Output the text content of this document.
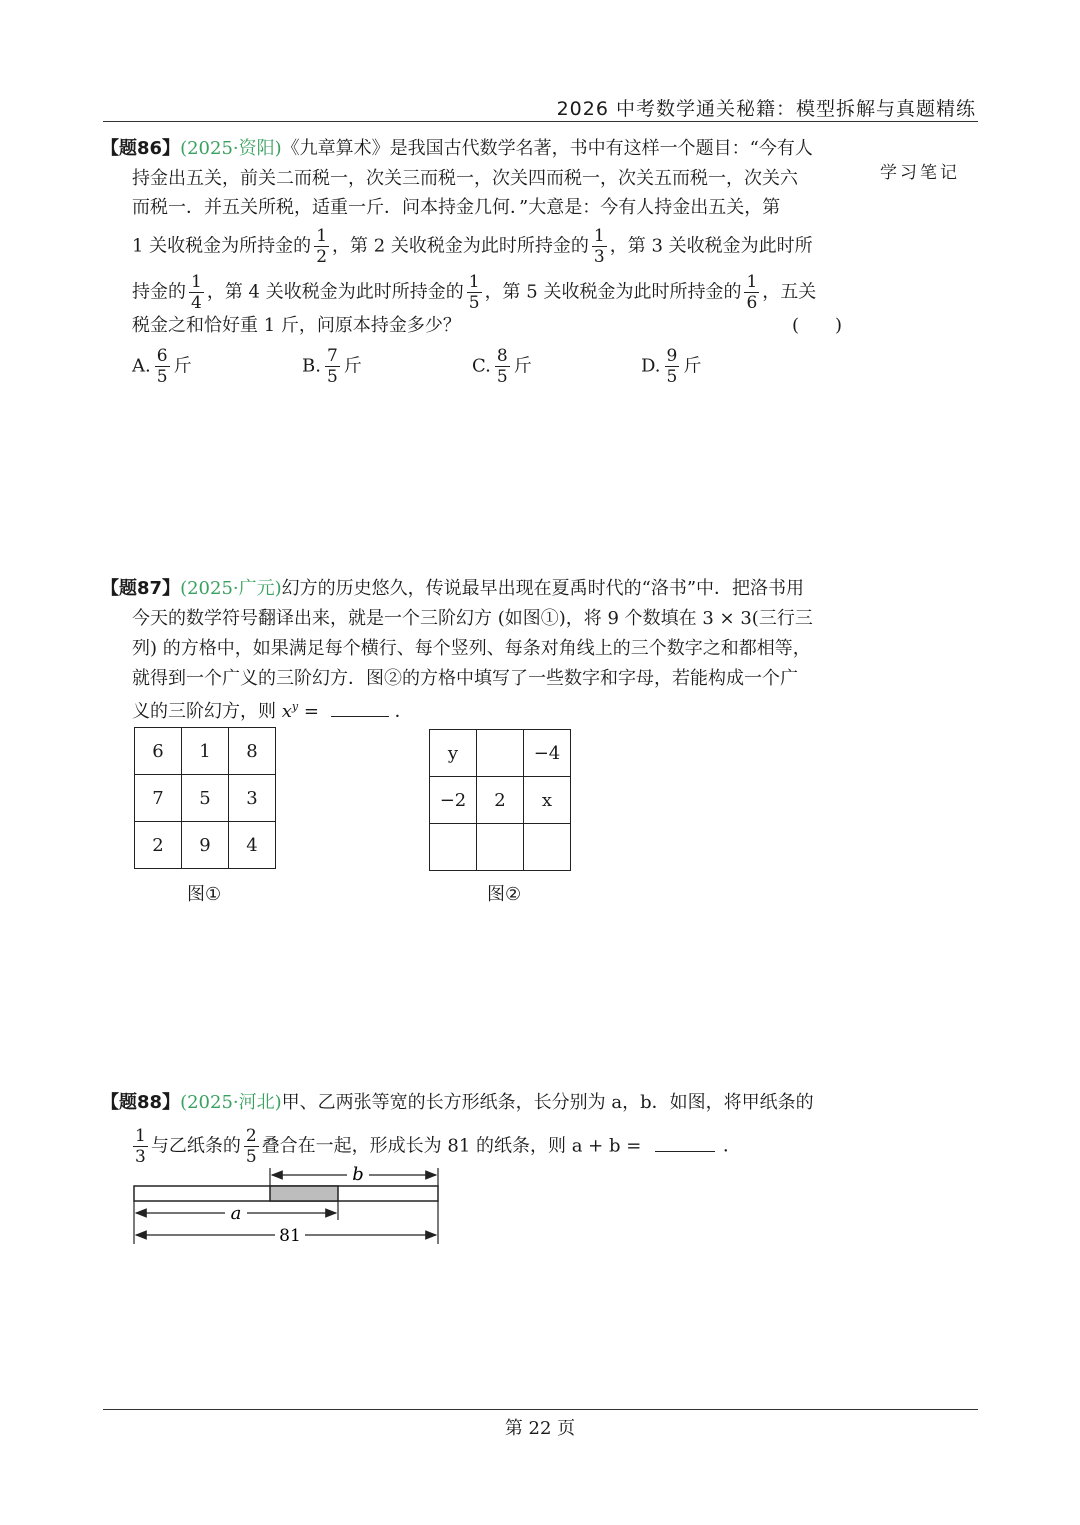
2026 中考数学通关秘籍：模型拆解与真题精练
学习笔记
【题86】(2025·资阳)《九章算术》是我国古代数学名著，书中有这样一个题目：“今有人
持金出五关，前关二而税一，次关三而税一，次关四而税一，次关五而税一，次关六
而税一．并五关所税，适重一斤．问本持金几何．”大意是：今有人持金出五关，第
1 关收税金为所持金的 $\frac{1}{2}$ ，第 2 关收税金为此时所持金的 $\frac{1}{3}$ ，第 3 关收税金为此时所
持金的 $\frac{1}{4}$ ，第 4 关收税金为此时所持金的 $\frac{1}{5}$ ，第 5 关收税金为此时所持金的 $\frac{1}{6}$ ，五关
税金之和恰好重 1 斤，问原本持金多少？	(　　)
A. $\frac{6}{5}$ 斤	B. $\frac{7}{5}$ 斤	C. $\frac{8}{5}$ 斤	D. $\frac{9}{5}$ 斤
【题87】(2025·广元)幻方的历史悠久，传说最早出现在夏禹时代的“洛书”中．把洛书用
今天的数学符号翻译出来，就是一个三阶幻方 (如图①)，将 9 个数填在 3 × 3(三行三
列) 的方格中，如果满足每个横行、每个竖列、每条对角线上的三个数字之和都相等，
就得到一个广义的三阶幻方．图②的方格中填写了一些数字和字母，若能构成一个广
义的三阶幻方，则 $x^y$ =	．
6	1	8
7	5	3
2	9	4
图①
y		−4
−2	2	x

图②
【题88】(2025·河北)甲、乙两张等宽的长方形纸条，长分别为 a，b．如图，将甲纸条的
$\frac{1}{3}$ 与乙纸条的 $\frac{2}{5}$ 叠合在一起，形成长为 81 的纸条，则 a + b =	．
b
a
81
第 22 页
